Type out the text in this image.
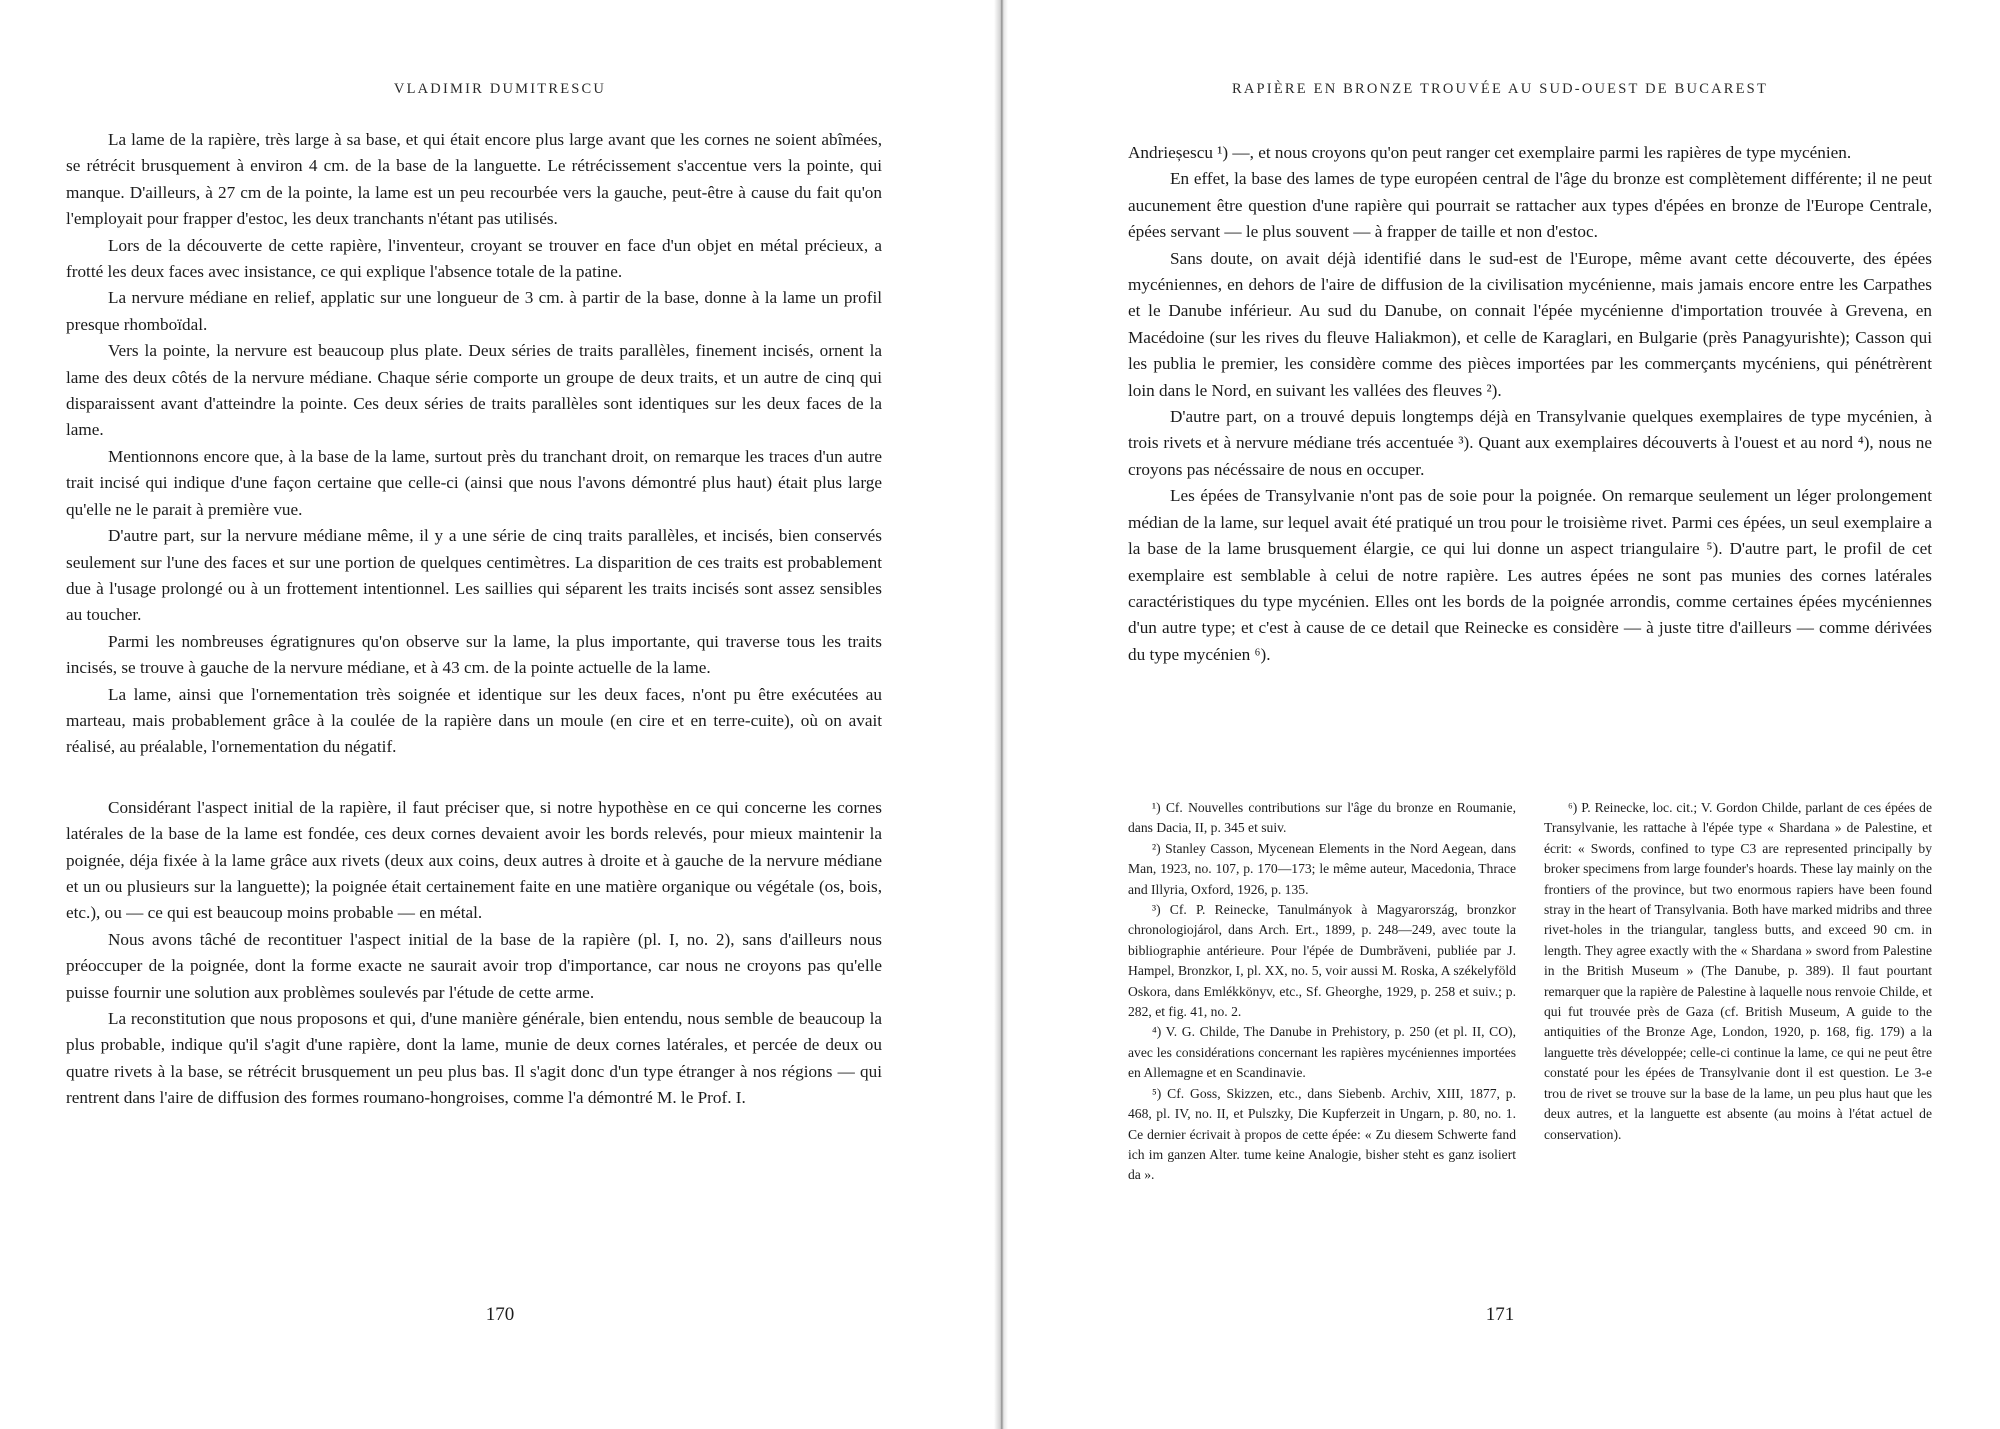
VLADIMIR DUMITRESCU

La lame de la rapière, très large à sa base, et qui était encore plus large avant que les cornes ne soient abîmées, se rétrécit brusquement à environ 4 cm. de la base de la languette. Le rétrécissement s'accentue vers la pointe, qui manque. D'ailleurs, à 27 cm de la pointe, la lame est un peu recourbée vers la gauche, peut-être à cause du fait qu'on l'employait pour frapper d'estoc, les deux tranchants n'étant pas utilisés.

Lors de la découverte de cette rapière, l'inventeur, croyant se trouver en face d'un objet en métal précieux, a frotté les deux faces avec insistance, ce qui explique l'absence totale de la patine.

La nervure médiane en relief, applatic sur une longueur de 3 cm. à partir de la base, donne à la lame un profil presque rhomboïdal.

Vers la pointe, la nervure est beaucoup plus plate. Deux séries de traits parallèles, finement incisés, ornent la lame des deux côtés de la nervure médiane. Chaque série comporte un groupe de deux traits, et un autre de cinq qui disparaissent avant d'atteindre la pointe. Ces deux séries de traits parallèles sont identiques sur les deux faces de la lame.

Mentionnons encore que, à la base de la lame, surtout près du tranchant droit, on remarque les traces d'un autre trait incisé qui indique d'une façon certaine que celle-ci (ainsi que nous l'avons démontré plus haut) était plus large qu'elle ne le parait à première vue.

D'autre part, sur la nervure médiane même, il y a une série de cinq traits parallèles, et incisés, bien conservés seulement sur l'une des faces et sur une portion de quelques centimètres. La disparition de ces traits est probablement due à l'usage prolongé ou à un frottement intentionnel. Les saillies qui séparent les traits incisés sont assez sensibles au toucher.

Parmi les nombreuses égratignures qu'on observe sur la lame, la plus importante, qui traverse tous les traits incisés, se trouve à gauche de la nervure médiane, et à 43 cm. de la pointe actuelle de la lame.

La lame, ainsi que l'ornementation très soignée et identique sur les deux faces, n'ont pu être exécutées au marteau, mais probablement grâce à la coulée de la rapière dans un moule (en cire et en terre-cuite), où on avait réalisé, au préalable, l'ornementation du négatif.

Considérant l'aspect initial de la rapière, il faut préciser que, si notre hypothèse en ce qui concerne les cornes latérales de la base de la lame est fondée, ces deux cornes devaient avoir les bords relevés, pour mieux maintenir la poignée, déja fixée à la lame grâce aux rivets (deux aux coins, deux autres à droite et à gauche de la nervure médiane et un ou plusieurs sur la languette); la poignée était certainement faite en une matière organique ou végétale (os, bois, etc.), ou — ce qui est beaucoup moins probable — en métal.

Nous avons tâché de recontituer l'aspect initial de la base de la rapière (pl. I, no. 2), sans d'ailleurs nous préoccuper de la poignée, dont la forme exacte ne saurait avoir trop d'importance, car nous ne croyons pas qu'elle puisse fournir une solution aux problèmes soulevés par l'étude de cette arme.

La reconstitution que nous proposons et qui, d'une manière générale, bien entendu, nous semble de beaucoup la plus probable, indique qu'il s'agit d'une rapière, dont la lame, munie de deux cornes latérales, et percée de deux ou quatre rivets à la base, se rétrécit brusquement un peu plus bas. Il s'agit donc d'un type étranger à nos régions — qui rentrent dans l'aire de diffusion des formes roumano-hongroises, comme l'a démontré M. le Prof. I.

170
RAPIÈRE EN BRONZE TROUVÉE AU SUD-OUEST DE BUCAREST

Andrieșescu ¹) —, et nous croyons qu'on peut ranger cet exemplaire parmi les rapières de type mycénien.

En effet, la base des lames de type européen central de l'âge du bronze est complètement différente; il ne peut aucunement être question d'une rapière qui pourrait se rattacher aux types d'épées en bronze de l'Europe Centrale, épées servant — le plus souvent — à frapper de taille et non d'estoc.

Sans doute, on avait déjà identifié dans le sud-est de l'Europe, même avant cette découverte, des épées mycéniennes, en dehors de l'aire de diffusion de la civilisation mycénienne, mais jamais encore entre les Carpathes et le Danube inférieur. Au sud du Danube, on connait l'épée mycénienne d'importation trouvée à Grevena, en Macédoine (sur les rives du fleuve Haliakmon), et celle de Karaglari, en Bulgarie (près Panagyurishte); Casson qui les publia le premier, les considère comme des pièces importées par les commerçants mycéniens, qui pénétrèrent loin dans le Nord, en suivant les vallées des fleuves ²).

D'autre part, on a trouvé depuis longtemps déjà en Transylvanie quelques exemplaires de type mycénien, à trois rivets et à nervure médiane trés accentuée ³). Quant aux exemplaires découverts à l'ouest et au nord ⁴), nous ne croyons pas nécéssaire de nous en occuper.

Les épées de Transylvanie n'ont pas de soie pour la poignée. On remarque seulement un léger prolongement médian de la lame, sur lequel avait été pratiqué un trou pour le troisième rivet. Parmi ces épées, un seul exemplaire a la base de la lame brusquement élargie, ce qui lui donne un aspect triangulaire ⁵). D'autre part, le profil de cet exemplaire est semblable à celui de notre rapière. Les autres épées ne sont pas munies des cornes latérales caractéristiques du type mycénien. Elles ont les bords de la poignée arrondis, comme certaines épées mycéniennes d'un autre type; et c'est à cause de ce detail que Reinecke es considère — à juste titre d'ailleurs — comme dérivées du type mycénien ⁶).

¹) Cf. Nouvelles contributions sur l'âge du bronze en Roumanie, dans Dacia, II, p. 345 et suiv.

²) Stanley Casson, Mycenean Elements in the Nord Aegean, dans Man, 1923, no. 107, p. 170—173; le même auteur, Macedonia, Thrace and Illyria, Oxford, 1926, p. 135.

³) Cf. P. Reinecke, Tanulmányok à Magyarország, bronzkor chronologiojárol, dans Arch. Ert., 1899, p. 248—249, avec toute la bibliographie antérieure. Pour l'épée de Dumbrăveni, publiée par J. Hampel, Bronzkor, I, pl. XX, no. 5, voir aussi M. Roska, A székelyföld Oskora, dans Emlékkönyv, etc., Sf. Gheorghe, 1929, p. 258 et suiv.; p. 282, et fig. 41, no. 2.

⁴) V. G. Childe, The Danube in Prehistory, p. 250 (et pl. II, CO), avec les considérations concernant les rapières mycéniennes importées en Allemagne et en Scandinavie.

⁵) Cf. Goss, Skizzen, etc., dans Siebenb. Archiv, XIII, 1877, p. 468, pl. IV, no. II, et Pulszky, Die Kupferzeit in Ungarn, p. 80, no. 1. Ce dernier écrivait à propos de cette épée: « Zu diesem Schwerte fand ich im ganzen Alter. tume keine Analogie, bisher steht es ganz isoliert da ».

⁶) P. Reinecke, loc. cit.; V. Gordon Childe, parlant de ces épées de Transylvanie, les rattache à l'épée type « Shardana » de Palestine, et écrit: « Swords, confined to type C3 are represented principally by broker specimens from large founder's hoards. These lay mainly on the frontiers of the province, but two enormous rapiers have been found stray in the heart of Transylvania. Both have marked midribs and three rivet-holes in the triangular, tangless butts, and exceed 90 cm. in length. They agree exactly with the « Shardana » sword from Palestine in the British Museum » (The Danube, p. 389). Il faut pourtant remarquer que la rapière de Palestine à laquelle nous renvoie Childe, et qui fut trouvée près de Gaza (cf. British Museum, A guide to the antiquities of the Bronze Age, London, 1920, p. 168, fig. 179) a la languette très développée; celle-ci continue la lame, ce qui ne peut être constaté pour les épées de Transylvanie dont il est question. Le 3-e trou de rivet se trouve sur la base de la lame, un peu plus haut que les deux autres, et la languette est absente (au moins à l'état actuel de conservation).

171
